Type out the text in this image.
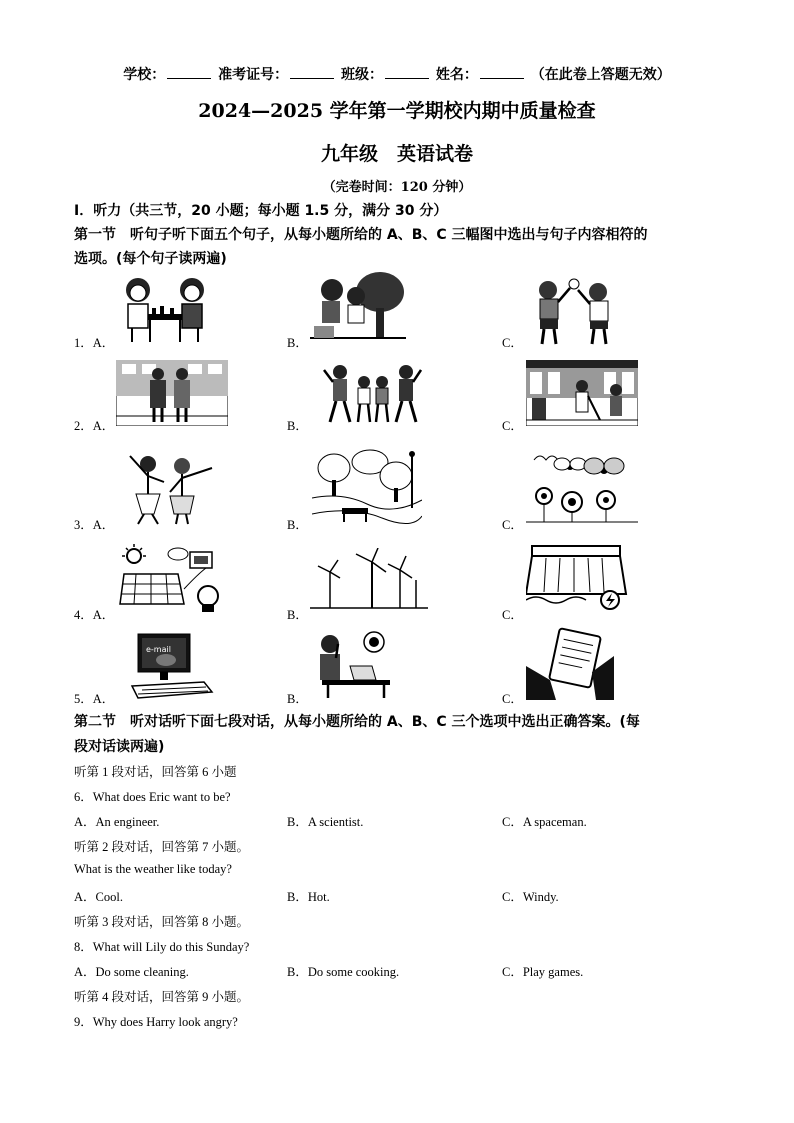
学校：	准考证号：	班级：	姓名：	（在此卷上答题无效）
2024—2025 学年第一学期校内期中质量检查
九年级　英语试卷
（完卷时间：120 分钟）
Ⅰ．听力（共三节，20 小题；每小题 1.5 分，满分 30 分）
第一节　听句子听下面五个句子，从每小题所给的 A、B、C 三幅图中选出与句子内容相符的
选项。(每个句子读两遍)
1．A．	B．	C．
2．A．	B．	C．
3．A．	B．	C．
4．A．	B．	C．
5．A．	B．	C．
e-mail
第二节　听对话听下面七段对话，从每小题所给的 A、B、C 三个选项中选出正确答案。(每
段对话读两遍)
听第 1 段对话，回答第 6 小题
6．What does Eric want to be?
A．An engineer.	B．A scientist.	C．A spaceman.
听第 2 段对话，回答第 7 小题。
What is the weather like today?
A．Cool.	B．Hot.	C．Windy.
听第 3 段对话，回答第 8 小题。
8．What will Lily do this Sunday?
A．Do some cleaning.	B．Do some cooking.	C．Play games.
听第 4 段对话，回答第 9 小题。
9．Why does Harry look angry?
